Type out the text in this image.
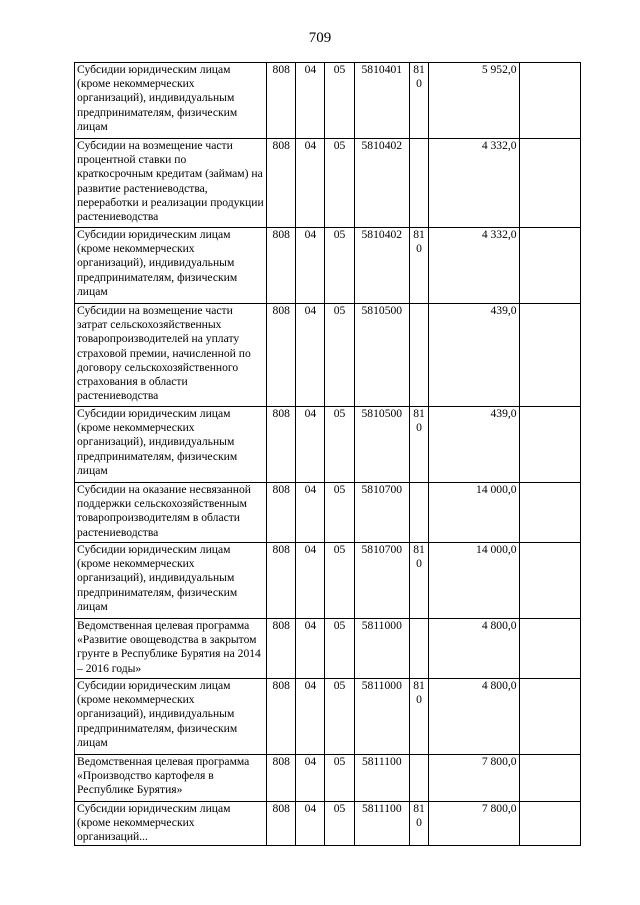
709
Субсидии юридическим лицам (кроме некоммерческих организаций), индивидуальным предпринимателям, физическим лицам	808	04	05	5810401	810	5 952,0	
Субсидии на возмещение части процентной ставки по краткосрочным кредитам (займам) на развитие растениеводства, переработки и реализации продукции растениеводства	808	04	05	5810402		4 332,0	
Субсидии юридическим лицам (кроме некоммерческих организаций), индивидуальным предпринимателям, физическим лицам	808	04	05	5810402	810	4 332,0	
Субсидии на возмещение части затрат сельскохозяйственных товаропроизводителей на уплату страховой премии, начисленной по договору сельскохозяйственного страхования в области растениеводства	808	04	05	5810500		439,0	
Субсидии юридическим лицам (кроме некоммерческих организаций), индивидуальным предпринимателям, физическим лицам	808	04	05	5810500	810	439,0	
Субсидии на оказание несвязанной поддержки сельскохозяйственным товаропроизводителям в области растениеводства	808	04	05	5810700		14 000,0	
Субсидии юридическим лицам (кроме некоммерческих организаций), индивидуальным предпринимателям, физическим лицам	808	04	05	5810700	810	14 000,0	
Ведомственная целевая программа «Развитие овощеводства в закрытом грунте в Республике Бурятия на 2014 – 2016 годы»	808	04	05	5811000		4 800,0	
Субсидии юридическим лицам (кроме некоммерческих организаций), индивидуальным предпринимателям, физическим лицам	808	04	05	5811000	810	4 800,0	
Ведомственная целевая программа «Производство картофеля в Республике Бурятия»	808	04	05	5811100		7 800,0	
Субсидии юридическим лицам (кроме некоммерческих организаций...	808	04	05	5811100	810	7 800,0	
